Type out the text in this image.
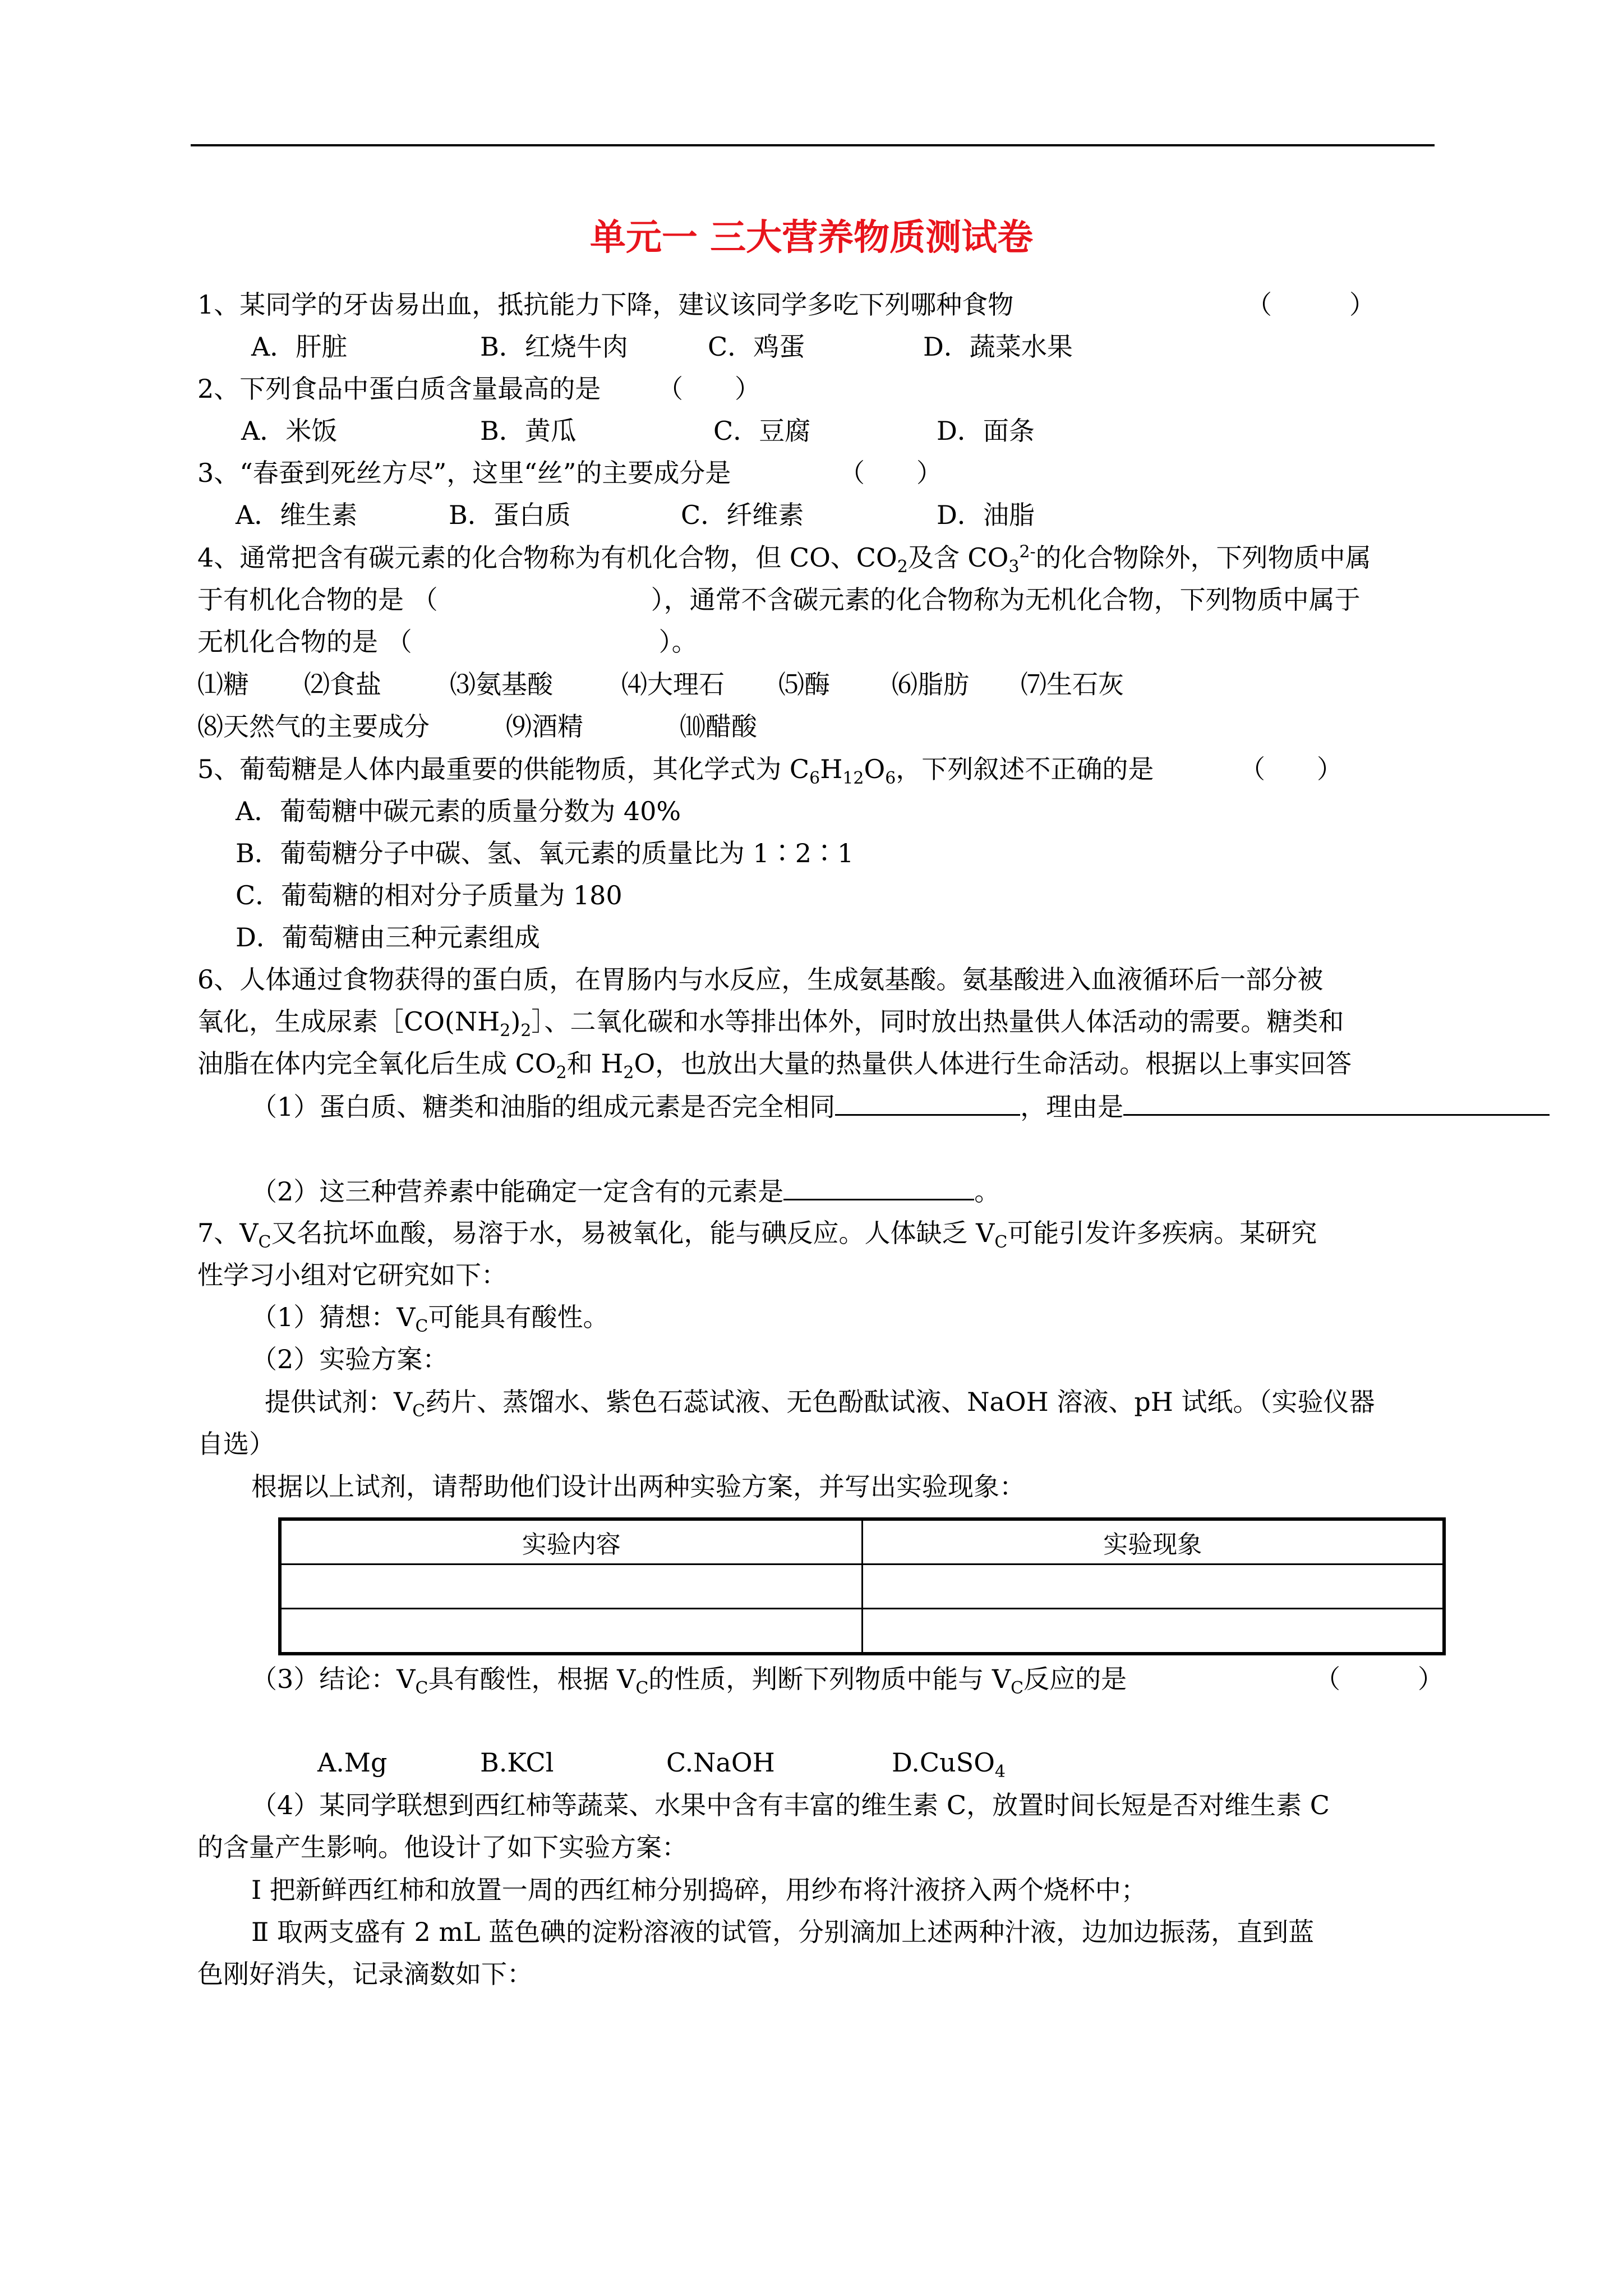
单元一 三大营养物质测试卷
1、某同学的牙齿易出血，抵抗能力下降，建议该同学多吃下列哪种食物	（　　　）
A．肝脏	B．红烧牛肉	C．鸡蛋	D．蔬菜水果
2、下列食品中蛋白质含量最高的是 （　　）
A．米饭	B．黄瓜	C．豆腐	D．面条
3、“春蚕到死丝方尽”，这里“丝”的主要成分是	（　　）
A．维生素	B．蛋白质	C．纤维素	D．油脂
4、通常把含有碳元素的化合物称为有机化合物，但 CO、$CO_2$及含 $CO_3^{2-}$的化合物除外，下列物质中属
于有机化合物的是 （	），通常不含碳元素的化合物称为无机化合物，下列物质中属于
无机化合物的是 （	）。
⑴糖 ⑵食盐	⑶氨基酸	⑷大理石 ⑸酶 ⑹脂肪 ⑺生石灰
⑻天然气的主要成分	⑼酒精	⑽醋酸
5、葡萄糖是人体内最重要的供能物质，其化学式为 $C_6H_{12}O_6$，下列叙述不正确的是	（　　）
A．葡萄糖中碳元素的质量分数为 40%
B．葡萄糖分子中碳、氢、氧元素的质量比为 1∶2∶1
C．葡萄糖的相对分子质量为 180
D．葡萄糖由三种元素组成
6、人体通过食物获得的蛋白质，在胃肠内与水反应，生成氨基酸。氨基酸进入血液循环后一部分被
氧化，生成尿素$[CO(NH_2)_2]$、二氧化碳和水等排出体外，同时放出热量供人体活动的需要。糖类和
油脂在体内完全氧化后生成 $CO_2$和 $H_2O$，也放出大量的热量供人体进行生命活动。根据以上事实回答
（1）蛋白质、糖类和油脂的组成元素是否完全相同	，理由是
（2）这三种营养素中能确定一定含有的元素是	。
7、$V_C$又名抗坏血酸，易溶于水，易被氧化，能与碘反应。人体缺乏 $V_C$可能引发许多疾病。某研究
性学习小组对它研究如下：
（1）猜想：$V_C$可能具有酸性。
（2）实验方案：
提供试剂：$V_C$药片、蒸馏水、紫色石蕊试液、无色酚酞试液、NaOH 溶液、pH 试纸。（实验仪器
自选）
根据以上试剂，请帮助他们设计出两种实验方案，并写出实验现象：
实验内容	实验现象

（3）结论：$V_C$具有酸性，根据 $V_C$的性质，判断下列物质中能与 $V_C$反应的是	（　　　）
A.Mg	B.KCl	C.NaOH	D.CuSO$_4$
（4）某同学联想到西红柿等蔬菜、水果中含有丰富的维生素 C，放置时间长短是否对维生素 C
的含量产生影响。他设计了如下实验方案：
Ⅰ 把新鲜西红柿和放置一周的西红柿分别捣碎，用纱布将汁液挤入两个烧杯中；
Ⅱ 取两支盛有 2 mL 蓝色碘的淀粉溶液的试管，分别滴加上述两种汁液，边加边振荡，直到蓝
色刚好消失，记录滴数如下：
